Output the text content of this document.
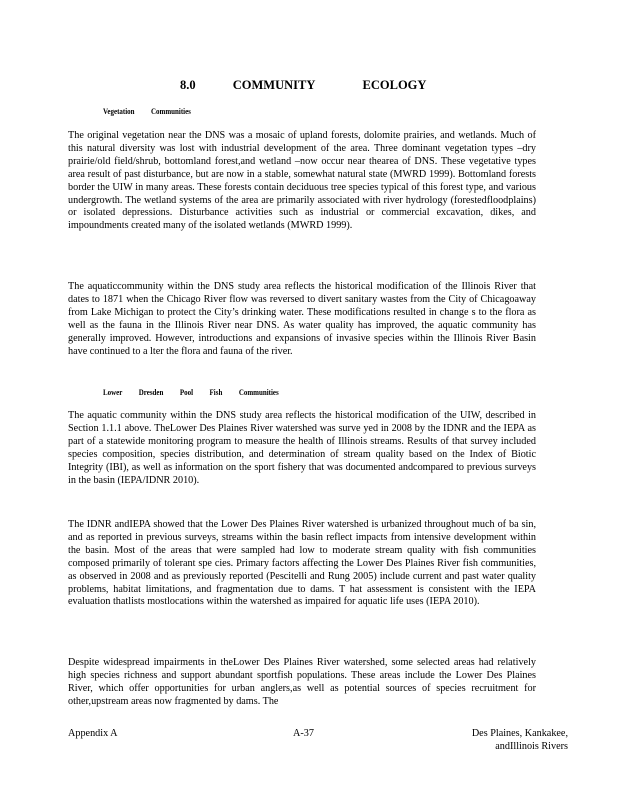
8.0	COMMUNITY	ECOLOGY
Vegetation Communities

The original vegetation near the DNS was a mosaic of upland forests, dolomite prairies, and wetlands. Much of this natural diversity was lost with industrial development of the area. Three dominant vegetation types –dry prairie/old field/shrub, bottomland forest,and wetland –now occur near thearea of DNS. These vegetative types area result of past disturbance, but are now in a stable, somewhat natural state (MWRD 1999). Bottomland forests border the UIW in many areas. These forests contain deciduous tree species typical of this forest type, and various undergrowth. The wetland systems of the area are primarily associated with river hydrology (forestedfloodplains) or isolated depressions. Disturbance activities such as industrial or commercial excavation, dikes, and impoundments created many of the isolated wetlands (MWRD 1999).

The aquaticcommunity within the DNS study area reflects the historical modification of the Illinois River that dates to 1871 when the Chicago River flow was reversed to divert sanitary wastes from the City of Chicagoaway from Lake Michigan to protect the City’s drinking water. These modifications resulted in change s to the flora as well as the fauna in the Illinois River near DNS. As water quality has improved, the aquatic community has generally improved. However, introductions and expansions of invasive species within the Illinois River Basin have continued to a lter the flora and fauna of the river.

Lower Dresden Pool Fish Communities

The aquatic community within the DNS study area reflects the historical modification of the UIW, described in Section 1.1.1 above. TheLower Des Plaines River watershed was surve yed in 2008 by the IDNR and the IEPA as part of a statewide monitoring program to measure the health of Illinois streams. Results of that survey included species composition, species distribution, and determination of stream quality based on the Index of Biotic Integrity (IBI), as well as information on the sport fishery that was documented andcompared to previous surveys in the basin (IEPA/IDNR 2010).

The IDNR andIEPA showed that the Lower Des Plaines River watershed is urbanized throughout much of ba sin, and as reported in previous surveys, streams within the basin reflect impacts from intensive development within the basin. Most of the areas that were sampled had low to moderate stream quality with fish communities composed primarily of tolerant spe cies. Primary factors affecting the Lower Des Plaines River fish communities, as observed in 2008 and as previously reported (Pescitelli and Rung 2005) include current and past water quality problems, habitat limitations, and fragmentation due to dams. T hat assessment is consistent with the IEPA evaluation thatlists mostlocations within the watershed as impaired for aquatic life uses (IEPA 2010).

Despite widespread impairments in theLower Des Plaines River watershed, some selected areas had relatively high species richness and support abundant sportfish populations. These areas include the Lower Des Plaines River, which offer opportunities for urban anglers,as well as potential sources of species recruitment for other,upstream areas now fragmented by dams. The

Appendix A	A-37	Des Plaines, Kankakee,
andIllinois Rivers
